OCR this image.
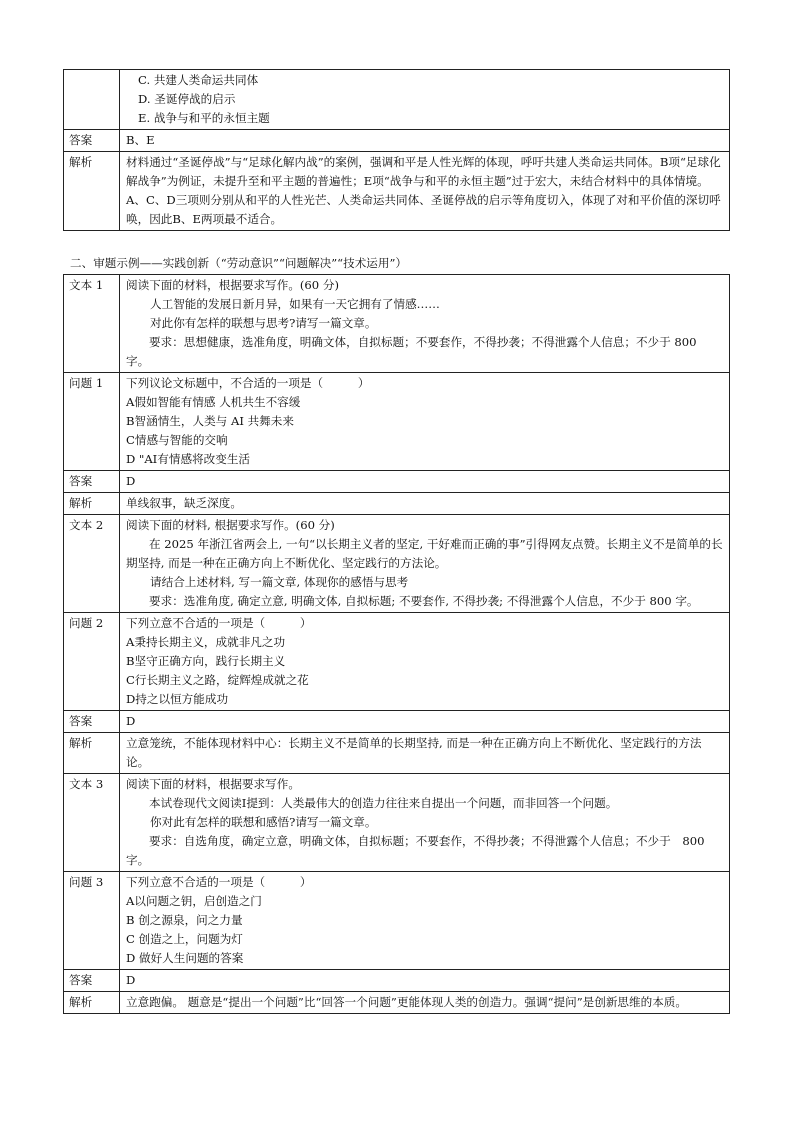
	C. 共建人类命运共同体
D. 圣诞停战的启示
E. 战争与和平的永恒主题

答案	B、E
解析	材料通过“圣诞停战”与“足球化解内战”的案例，强调和平是人性光辉的体现，呼吁共建人类命运共同体。B项“足球化解战争”为例证，未提升至和平主题的普遍性；E项“战争与和平的永恒主题”过于宏大，未结合材料中的具体情境。A、C、D三项则分别从和平的人性光芒、人类命运共同体、圣诞停战的启示等角度切入，体现了对和平价值的深切呼唤，因此B、E两项最不适合。
二、审题示例——实践创新（“劳动意识”“问题解决”“技术运用”）
文本 1	阅读下面的材料，根据要求写作。(60 分)
人工智能的发展日新月异，如果有一天它拥有了情感……
对此你有怎样的联想与思考?请写一篇文章。
要求：思想健康，选准角度，明确文体，自拟标题；不要套作，不得抄袭；不得泄露个人信息；不少于 800 字。

问题 1	下列议论文标题中，不合适的一项是（　　　）
A假如智能有情感 人机共生不容缓
B智涵情生，人类与 AI 共舞未来
C情感与智能的交响
D "AI有情感将改变生活

答案	D
解析	单线叙事，缺乏深度。
文本 2	阅读下面的材料, 根据要求写作。(60 分)
在 2025 年浙江省两会上, 一句“以长期主义者的坚定, 干好难而正确的事”引得网友点赞。长期主义不是简单的长期坚持, 而是一种在正确方向上不断优化、坚定践行的方法论。
请结合上述材料, 写一篇文章, 体现你的感悟与思考
要求：选准角度, 确定立意, 明确文体, 自拟标题; 不要套作, 不得抄袭; 不得泄露个人信息，不少于 800 字。

问题 2	下列立意不合适的一项是（　　　）
A秉持长期主义，成就非凡之功
B坚守正确方向，践行长期主义
C行长期主义之路，绽辉煌成就之花
D持之以恒方能成功

答案	D
解析	立意笼统，不能体现材料中心：长期主义不是简单的长期坚持, 而是一种在正确方向上不断优化、坚定践行的方法论。
文本 3	阅读下面的材料，根据要求写作。
本试卷现代文阅读Ⅰ提到：人类最伟大的创造力往往来自提出一个问题，而非回答一个问题。
你对此有怎样的联想和感悟?请写一篇文章。
要求：自选角度，确定立意，明确文体，自拟标题；不要套作，不得抄袭；不得泄露个人信息；不少于　800 字。

问题 3	下列立意不合适的一项是（　　　）
A以问题之钥，启创造之门
B 创之源泉，问之力量
C 创造之上，问题为灯
D 做好人生问题的答案

答案	D
解析	立意跑偏。 题意是“提出一个问题”比“回答一个问题”更能体现人类的创造力。强调“提问”是创新思维的本质。
